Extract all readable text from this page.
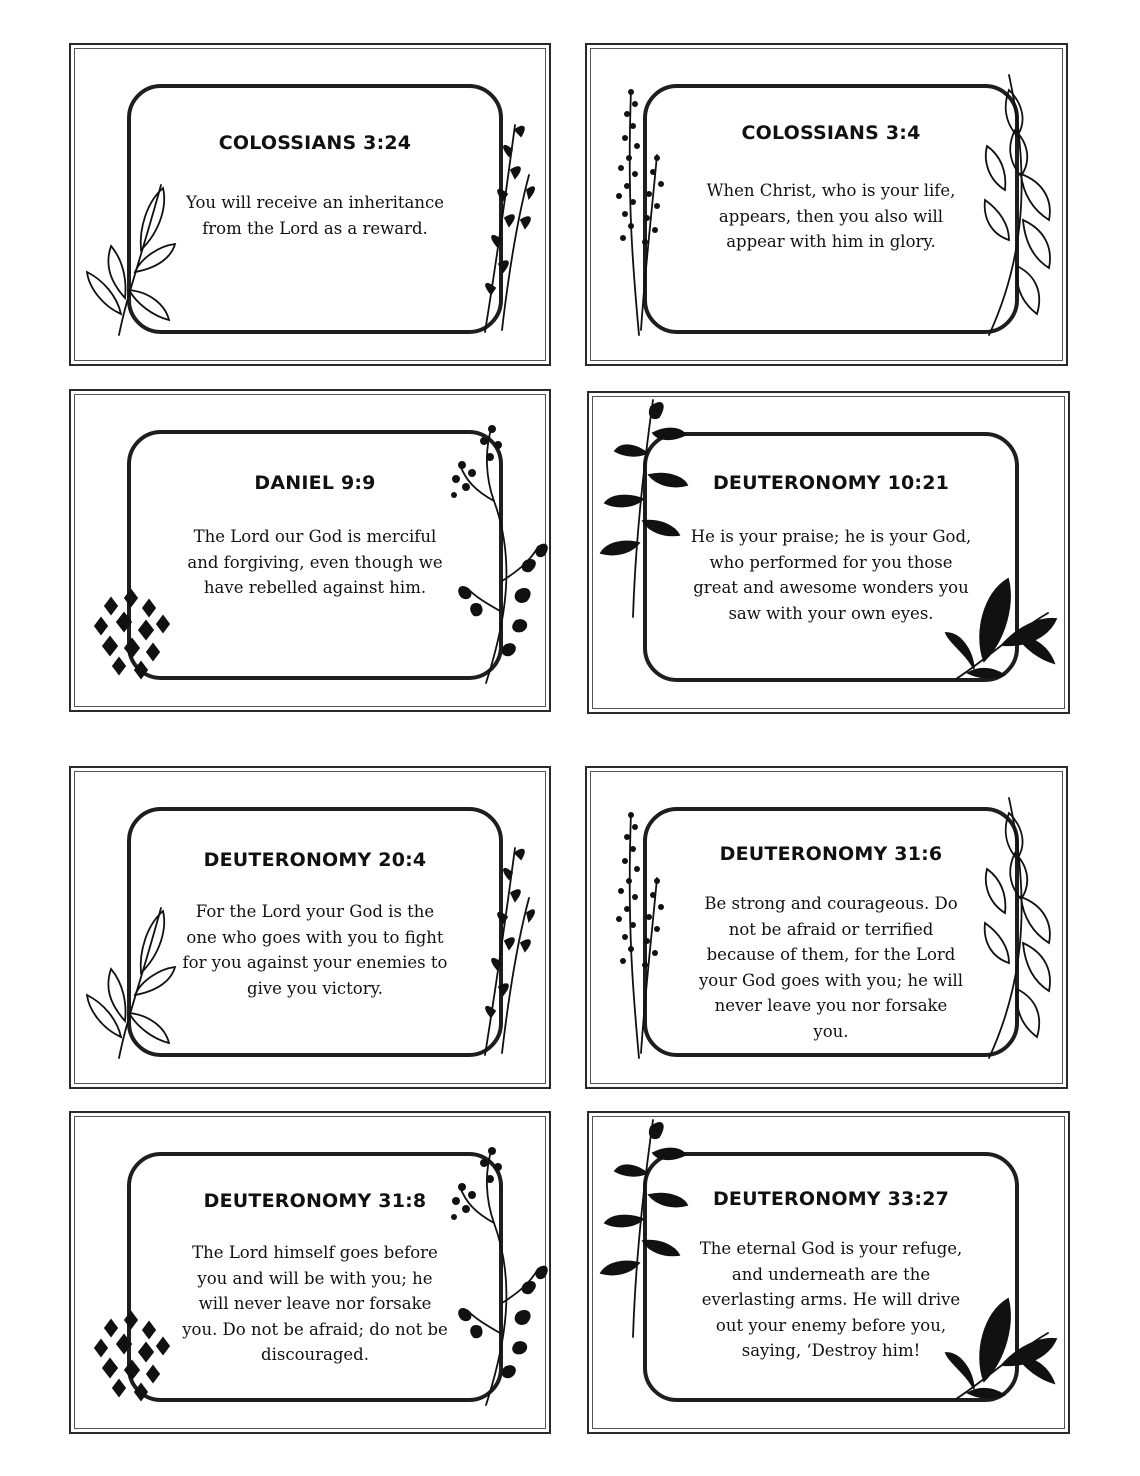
COLOSSIANS 3:24
You will receive an inheritance from the Lord as a reward.
COLOSSIANS 3:4
When Christ, who is your life, appears, then you also will appear with him in glory.
DANIEL 9:9
The Lord our God is merciful and forgiving, even though we have rebelled against him.
DEUTERONOMY 10:21
He is your praise; he is your God, who performed for you those great and awesome wonders you saw with your own eyes.
DEUTERONOMY 20:4
For the Lord your God is the one who goes with you to fight for you against your enemies to give you victory.
DEUTERONOMY 31:6
Be strong and courageous. Do not be afraid or terrified because of them, for the Lord your God goes with you; he will never leave you nor forsake you.
DEUTERONOMY 31:8
The Lord himself goes before you and will be with you; he will never leave nor forsake you. Do not be afraid; do not be discouraged.
DEUTERONOMY 33:27
The eternal God is your refuge, and underneath are the everlasting arms. He will drive out your enemy before you, saying, ‘Destroy him!
